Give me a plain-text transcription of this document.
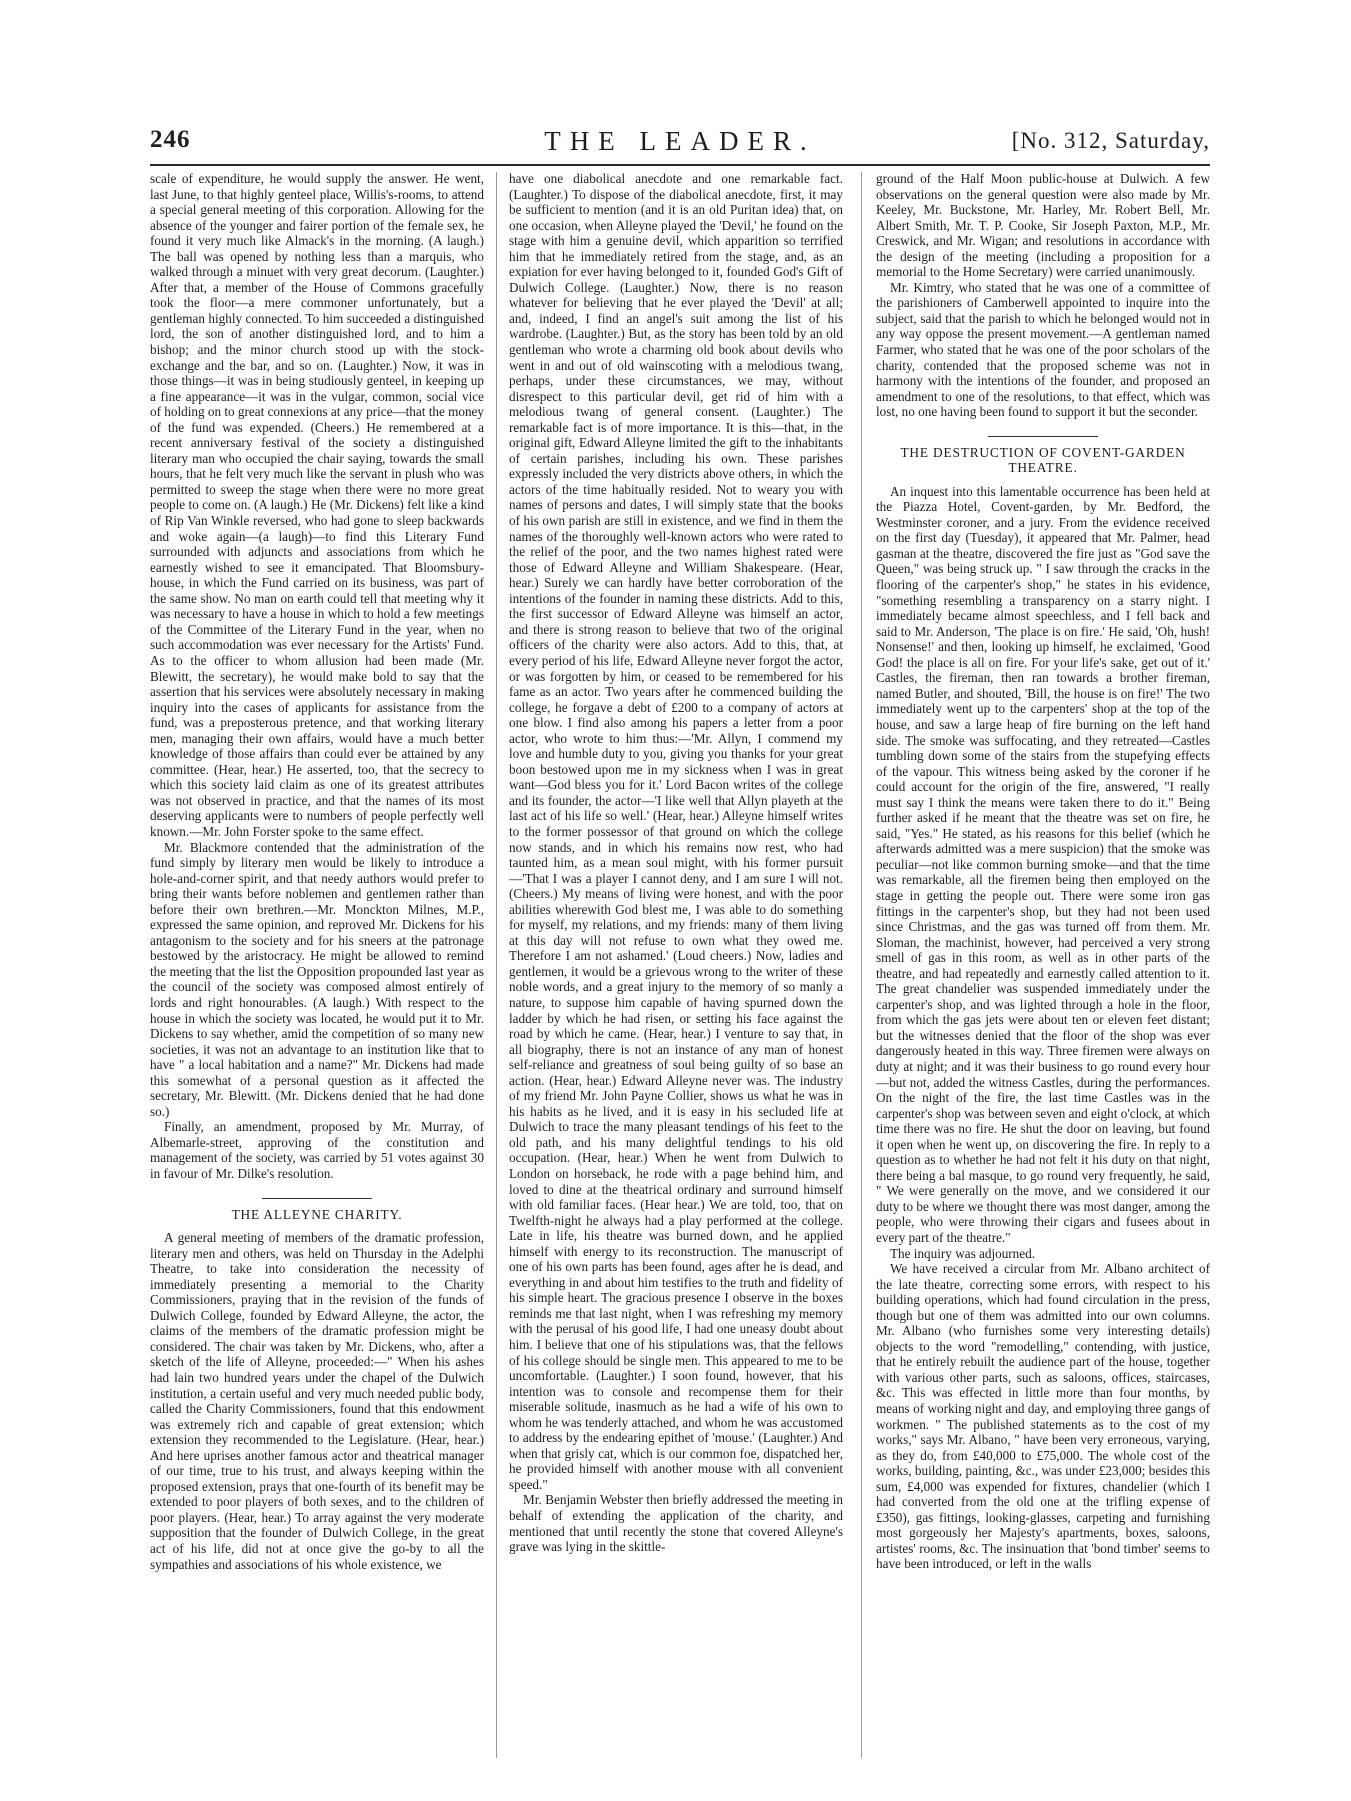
246	THE LEADER.	[No. 312, Saturday,

scale of expenditure, he would supply the answer. He went, last June, to that highly genteel place, Willis's-rooms, to attend a special general meeting of this corporation. Allowing for the absence of the younger and fairer portion of the female sex, he found it very much like Almack's in the morning. (A laugh.) The ball was opened by nothing less than a marquis, who walked through a minuet with very great decorum. (Laughter.) After that, a member of the House of Commons gracefully took the floor—a mere commoner unfortunately, but a gentleman highly connected. To him succeeded a distinguished lord, the son of another distinguished lord, and to him a bishop; and the minor church stood up with the stock-exchange and the bar, and so on. (Laughter.) Now, it was in those things—it was in being studiously genteel, in keeping up a fine appearance—it was in the vulgar, common, social vice of holding on to great connexions at any price—that the money of the fund was expended. (Cheers.) He remembered at a recent anniversary festival of the society a distinguished literary man who occupied the chair saying, towards the small hours, that he felt very much like the servant in plush who was permitted to sweep the stage when there were no more great people to come on. (A laugh.) He (Mr. Dickens) felt like a kind of Rip Van Winkle reversed, who had gone to sleep backwards and woke again—(a laugh)—to find this Literary Fund surrounded with adjuncts and associations from which he earnestly wished to see it emancipated. That Bloomsbury-house, in which the Fund carried on its business, was part of the same show. No man on earth could tell that meeting why it was necessary to have a house in which to hold a few meetings of the Committee of the Literary Fund in the year, when no such accommodation was ever necessary for the Artists' Fund. As to the officer to whom allusion had been made (Mr. Blewitt, the secretary), he would make bold to say that the assertion that his services were absolutely necessary in making inquiry into the cases of applicants for assistance from the fund, was a preposterous pretence, and that working literary men, managing their own affairs, would have a much better knowledge of those affairs than could ever be attained by any committee. (Hear, hear.) He asserted, too, that the secrecy to which this society laid claim as one of its greatest attributes was not observed in practice, and that the names of its most deserving applicants were to numbers of people perfectly well known.—Mr. John Forster spoke to the same effect.

Mr. Blackmore contended that the administration of the fund simply by literary men would be likely to introduce a hole-and-corner spirit, and that needy authors would prefer to bring their wants before noblemen and gentlemen rather than before their own brethren.—Mr. Monckton Milnes, M.P., expressed the same opinion, and reproved Mr. Dickens for his antagonism to the society and for his sneers at the patronage bestowed by the aristocracy. He might be allowed to remind the meeting that the list the Opposition propounded last year as the council of the society was composed almost entirely of lords and right honourables. (A laugh.) With respect to the house in which the society was located, he would put it to Mr. Dickens to say whether, amid the competition of so many new societies, it was not an advantage to an institution like that to have " a local habitation and a name?" Mr. Dickens had made this somewhat of a personal question as it affected the secretary, Mr. Blewitt. (Mr. Dickens denied that he had done so.)

Finally, an amendment, proposed by Mr. Murray, of Albemarle-street, approving of the constitution and management of the society, was carried by 51 votes against 30 in favour of Mr. Dilke's resolution.

THE ALLEYNE CHARITY.

A general meeting of members of the dramatic profession, literary men and others, was held on Thursday in the Adelphi Theatre, to take into consideration the necessity of immediately presenting a memorial to the Charity Commissioners, praying that in the revision of the funds of Dulwich College, founded by Edward Alleyne, the actor, the claims of the members of the dramatic profession might be considered. The chair was taken by Mr. Dickens, who, after a sketch of the life of Alleyne, proceeded:—" When his ashes had lain two hundred years under the chapel of the Dulwich institution, a certain useful and very much needed public body, called the Charity Commissioners, found that this endowment was extremely rich and capable of great extension; which extension they recommended to the Legislature. (Hear, hear.) And here uprises another famous actor and theatrical manager of our time, true to his trust, and always keeping within the proposed extension, prays that one-fourth of its benefit may be extended to poor players of both sexes, and to the children of poor players. (Hear, hear.) To array against the very moderate supposition that the founder of Dulwich College, in the great act of his life, did not at once give the go-by to all the sympathies and associations of his whole existence, we

have one diabolical anecdote and one remarkable fact. (Laughter.) To dispose of the diabolical anecdote, first, it may be sufficient to mention (and it is an old Puritan idea) that, on one occasion, when Alleyne played the 'Devil,' he found on the stage with him a genuine devil, which apparition so terrified him that he immediately retired from the stage, and, as an expiation for ever having belonged to it, founded God's Gift of Dulwich College. (Laughter.) Now, there is no reason whatever for believing that he ever played the 'Devil' at all; and, indeed, I find an angel's suit among the list of his wardrobe. (Laughter.) But, as the story has been told by an old gentleman who wrote a charming old book about devils who went in and out of old wainscoting with a melodious twang, perhaps, under these circumstances, we may, without disrespect to this particular devil, get rid of him with a melodious twang of general consent. (Laughter.) The remarkable fact is of more importance. It is this—that, in the original gift, Edward Alleyne limited the gift to the inhabitants of certain parishes, including his own. These parishes expressly included the very districts above others, in which the actors of the time habitually resided. Not to weary you with names of persons and dates, I will simply state that the books of his own parish are still in existence, and we find in them the names of the thoroughly well-known actors who were rated to the relief of the poor, and the two names highest rated were those of Edward Alleyne and William Shakespeare. (Hear, hear.) Surely we can hardly have better corroboration of the intentions of the founder in naming these districts. Add to this, the first successor of Edward Alleyne was himself an actor, and there is strong reason to believe that two of the original officers of the charity were also actors. Add to this, that, at every period of his life, Edward Alleyne never forgot the actor, or was forgotten by him, or ceased to be remembered for his fame as an actor. Two years after he commenced building the college, he forgave a debt of £200 to a company of actors at one blow. I find also among his papers a letter from a poor actor, who wrote to him thus:—'Mr. Allyn, I commend my love and humble duty to you, giving you thanks for your great boon bestowed upon me in my sickness when I was in great want—God bless you for it.' Lord Bacon writes of the college and its founder, the actor—'I like well that Allyn playeth at the last act of his life so well.' (Hear, hear.) Alleyne himself writes to the former possessor of that ground on which the college now stands, and in which his remains now rest, who had taunted him, as a mean soul might, with his former pursuit—'That I was a player I cannot deny, and I am sure I will not. (Cheers.) My means of living were honest, and with the poor abilities wherewith God blest me, I was able to do something for myself, my relations, and my friends: many of them living at this day will not refuse to own what they owed me. Therefore I am not ashamed.' (Loud cheers.) Now, ladies and gentlemen, it would be a grievous wrong to the writer of these noble words, and a great injury to the memory of so manly a nature, to suppose him capable of having spurned down the ladder by which he had risen, or setting his face against the road by which he came. (Hear, hear.) I venture to say that, in all biography, there is not an instance of any man of honest self-reliance and greatness of soul being guilty of so base an action. (Hear, hear.) Edward Alleyne never was. The industry of my friend Mr. John Payne Collier, shows us what he was in his habits as he lived, and it is easy in his secluded life at Dulwich to trace the many pleasant tendings of his feet to the old path, and his many delightful tendings to his old occupation. (Hear, hear.) When he went from Dulwich to London on horseback, he rode with a page behind him, and loved to dine at the theatrical ordinary and surround himself with old familiar faces. (Hear hear.) We are told, too, that on Twelfth-night he always had a play performed at the college. Late in life, his theatre was burned down, and he applied himself with energy to its reconstruction. The manuscript of one of his own parts has been found, ages after he is dead, and everything in and about him testifies to the truth and fidelity of his simple heart. The gracious presence I observe in the boxes reminds me that last night, when I was refreshing my memory with the perusal of his good life, I had one uneasy doubt about him. I believe that one of his stipulations was, that the fellows of his college should be single men. This appeared to me to be uncomfortable. (Laughter.) I soon found, however, that his intention was to console and recompense them for their miserable solitude, inasmuch as he had a wife of his own to whom he was tenderly attached, and whom he was accustomed to address by the endearing epithet of 'mouse.' (Laughter.) And when that grisly cat, which is our common foe, dispatched her, he provided himself with another mouse with all convenient speed."

Mr. Benjamin Webster then briefly addressed the meeting in behalf of extending the application of the charity, and mentioned that until recently the stone that covered Alleyne's grave was lying in the skittle-

ground of the Half Moon public-house at Dulwich. A few observations on the general question were also made by Mr. Keeley, Mr. Buckstone, Mr. Harley, Mr. Robert Bell, Mr. Albert Smith, Mr. T. P. Cooke, Sir Joseph Paxton, M.P., Mr. Creswick, and Mr. Wigan; and resolutions in accordance with the design of the meeting (including a proposition for a memorial to the Home Secretary) were carried unanimously.

Mr. Kimtry, who stated that he was one of a committee of the parishioners of Camberwell appointed to inquire into the subject, said that the parish to which he belonged would not in any way oppose the present movement.—A gentleman named Farmer, who stated that he was one of the poor scholars of the charity, contended that the proposed scheme was not in harmony with the intentions of the founder, and proposed an amendment to one of the resolutions, to that effect, which was lost, no one having been found to support it but the seconder.

THE DESTRUCTION OF COVENT-GARDEN THEATRE.

An inquest into this lamentable occurrence has been held at the Piazza Hotel, Covent-garden, by Mr. Bedford, the Westminster coroner, and a jury. From the evidence received on the first day (Tuesday), it appeared that Mr. Palmer, head gasman at the theatre, discovered the fire just as "God save the Queen," was being struck up. " I saw through the cracks in the flooring of the carpenter's shop," he states in his evidence, "something resembling a transparency on a starry night. I immediately became almost speechless, and I fell back and said to Mr. Anderson, 'The place is on fire.' He said, 'Oh, hush! Nonsense!' and then, looking up himself, he exclaimed, 'Good God! the place is all on fire. For your life's sake, get out of it.' Castles, the fireman, then ran towards a brother fireman, named Butler, and shouted, 'Bill, the house is on fire!' The two immediately went up to the carpenters' shop at the top of the house, and saw a large heap of fire burning on the left hand side. The smoke was suffocating, and they retreated—Castles tumbling down some of the stairs from the stupefying effects of the vapour. This witness being asked by the coroner if he could account for the origin of the fire, answered, "I really must say I think the means were taken there to do it." Being further asked if he meant that the theatre was set on fire, he said, "Yes." He stated, as his reasons for this belief (which he afterwards admitted was a mere suspicion) that the smoke was peculiar—not like common burning smoke—and that the time was remarkable, all the firemen being then employed on the stage in getting the people out. There were some iron gas fittings in the carpenter's shop, but they had not been used since Christmas, and the gas was turned off from them. Mr. Sloman, the machinist, however, had perceived a very strong smell of gas in this room, as well as in other parts of the theatre, and had repeatedly and earnestly called attention to it. The great chandelier was suspended immediately under the carpenter's shop, and was lighted through a hole in the floor, from which the gas jets were about ten or eleven feet distant; but the witnesses denied that the floor of the shop was ever dangerously heated in this way. Three firemen were always on duty at night; and it was their business to go round every hour—but not, added the witness Castles, during the performances. On the night of the fire, the last time Castles was in the carpenter's shop was between seven and eight o'clock, at which time there was no fire. He shut the door on leaving, but found it open when he went up, on discovering the fire. In reply to a question as to whether he had not felt it his duty on that night, there being a bal masque, to go round very frequently, he said, " We were generally on the move, and we considered it our duty to be where we thought there was most danger, among the people, who were throwing their cigars and fusees about in every part of the theatre."

The inquiry was adjourned.

We have received a circular from Mr. Albano architect of the late theatre, correcting some errors, with respect to his building operations, which had found circulation in the press, though but one of them was admitted into our own columns. Mr. Albano (who furnishes some very interesting details) objects to the word "remodelling," contending, with justice, that he entirely rebuilt the audience part of the house, together with various other parts, such as saloons, offices, staircases, &c. This was effected in little more than four months, by means of working night and day, and employing three gangs of workmen. " The published statements as to the cost of my works," says Mr. Albano, " have been very erroneous, varying, as they do, from £40,000 to £75,000. The whole cost of the works, building, painting, &c., was under £23,000; besides this sum, £4,000 was expended for fixtures, chandelier (which I had converted from the old one at the trifling expense of £350), gas fittings, looking-glasses, carpeting and furnishing most gorgeously her Majesty's apartments, boxes, saloons, artistes' rooms, &c. The insinuation that 'bond timber' seems to have been introduced, or left in the walls
